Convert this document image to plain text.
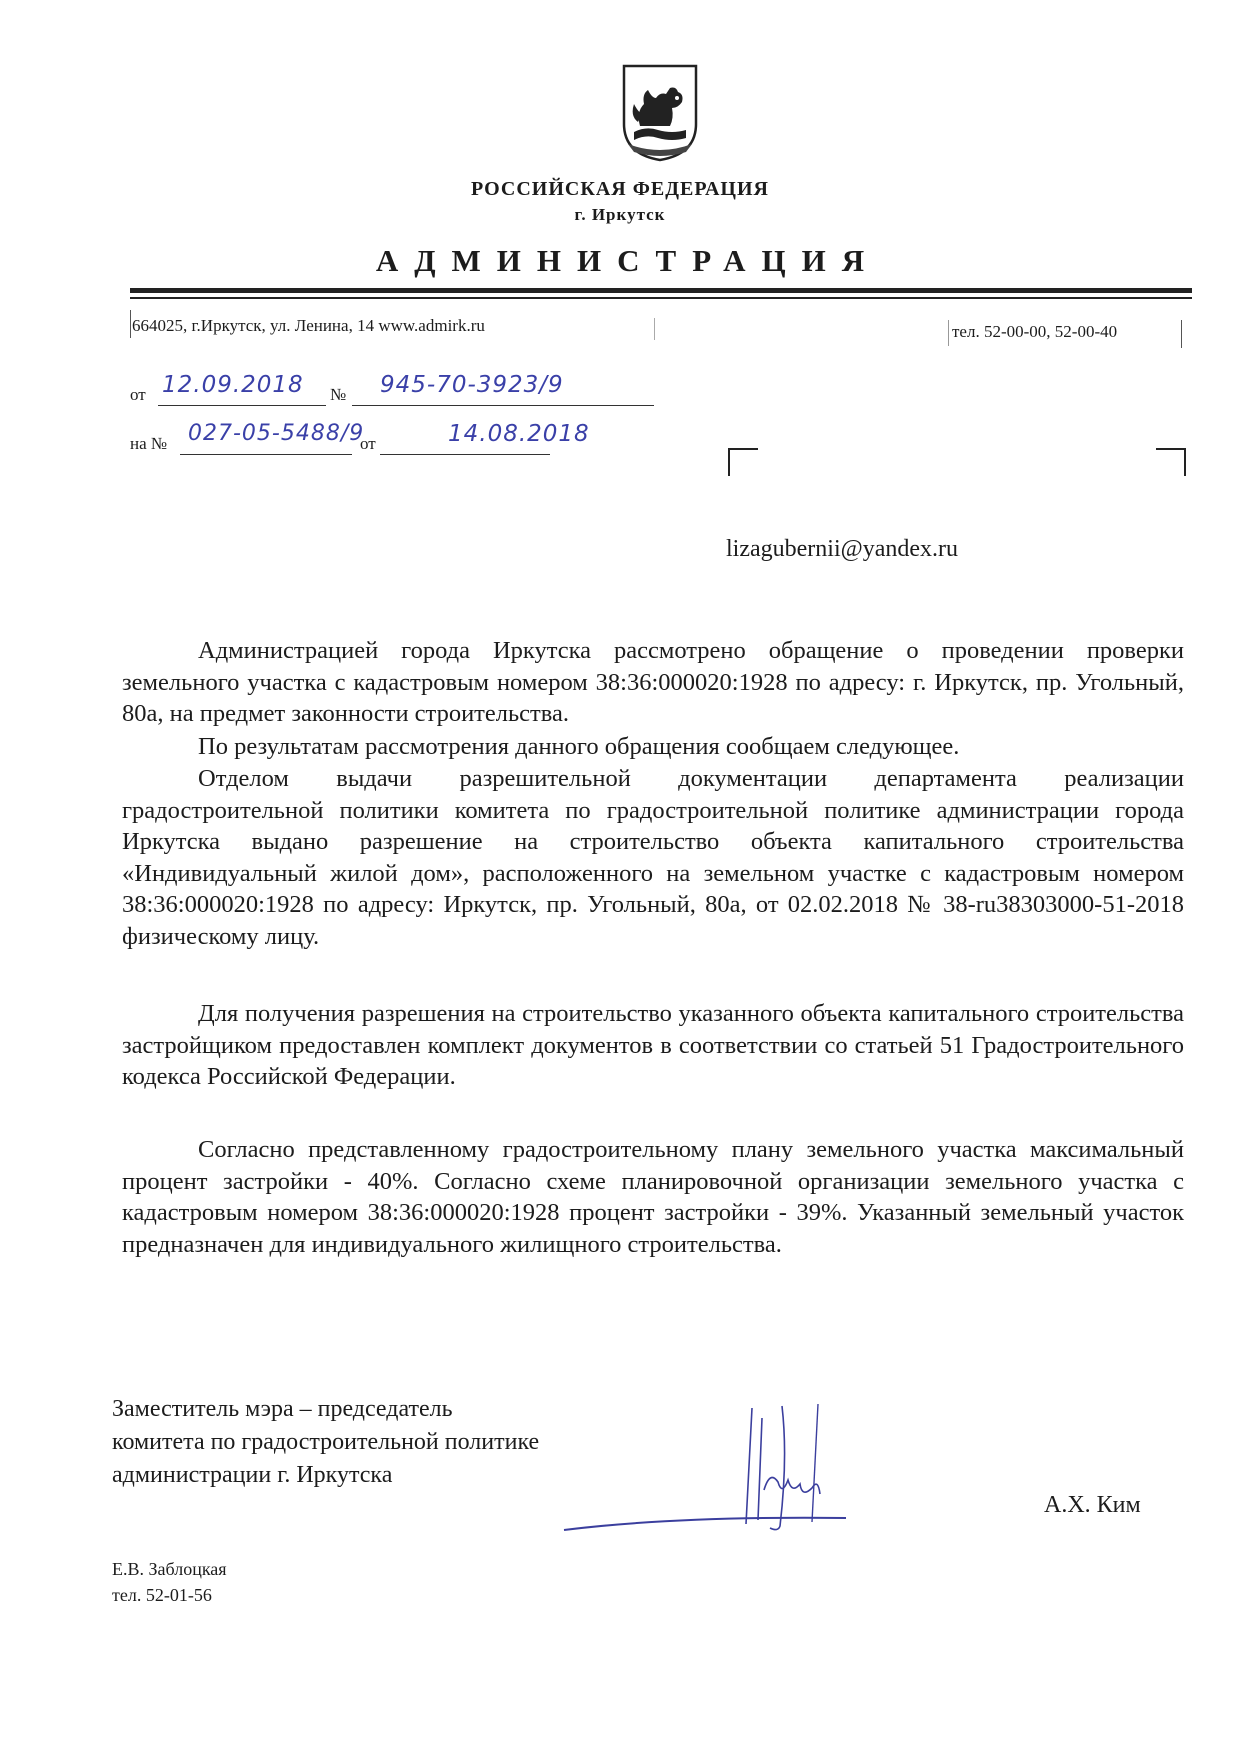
РОССИЙСКАЯ ФЕДЕРАЦИЯ
г. Иркутск
АДМИНИСТРАЦИЯ
664025, г.Иркутск, ул. Ленина, 14 www.admirk.ru	тел. 52-00-00, 52-00-40
от 12.09.2018 № 945-70-3923/9
на № 027-05-5488/9
от	14.08.2018
lizagubernii@yandex.ru
Администрацией города Иркутска рассмотрено обращение о проведении проверки земельного участка с кадастровым номером 38:36:000020:1928 по адресу: г. Иркутск, пр. Угольный, 80а, на предмет законности строительства.
По результатам рассмотрения данного обращения сообщаем следующее.
Отделом выдачи разрешительной документации департамента реализации градостроительной политики комитета по градостроительной политике администрации города Иркутска выдано разрешение на строительство объекта капитального строительства «Индивидуальный жилой дом», расположенного на земельном участке с кадастровым номером 38:36:000020:1928 по адресу: Иркутск, пр. Угольный, 80а, от 02.02.2018 № 38-ru38303000-51-2018 физическому лицу.
Для получения разрешения на строительство указанного объекта капитального строительства застройщиком предоставлен комплект документов в соответствии со статьей 51 Градостроительного кодекса Российской Федерации.
Согласно представленному градостроительному плану земельного участка максимальный процент застройки - 40%. Согласно схеме планировочной организации земельного участка с кадастровым номером 38:36:000020:1928 процент застройки - 39%. Указанный земельный участок предназначен для индивидуального жилищного строительства.
Заместитель мэра – председатель
комитета по градостроительной политике
администрации г. Иркутска
А.Х. Ким
Е.В. Заблоцкая
тел. 52-01-56
